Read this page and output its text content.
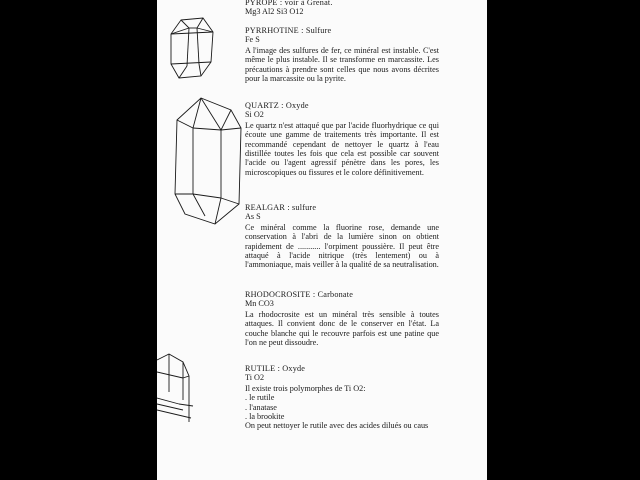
PYROPE : voir à Grenat.
Mg3 Al2 Si3 O12
PYRRHOTINE : Sulfure
Fe S
A l'image des sulfures de fer, ce minéral est instable. C'est même le plus instable. Il se transforme en marcassite. Les précautions à prendre sont celles que nous avons décrites pour la marcassite ou la pyrite.
QUARTZ : Oxyde
Si O2
Le quartz n'est attaqué que par l'acide fluorhydrique ce qui écoute une gamme de traitements très importante. Il est recommandé cependant de nettoyer le quartz à l'eau distillée toutes les fois que cela est possible car souvent l'acide ou l'agent agressif pénètre dans les pores, les microscopiques ou fissures et le colore définitivement.
REALGAR : sulfure
As S
Ce minéral comme la fluorine rose, demande une conservation à l'abri de la lumière sinon on obtient rapidement de ........... l'orpiment poussière. Il peut être attaqué à l'acide nitrique (très lentement) ou à l'ammoniaque, mais veiller à la qualité de sa neutralisation.
RHODOCROSITE : Carbonate
Mn CO3
La rhodocrosite est un minéral très sensible à toutes attaques. Il convient donc de le conserver en l'état. La couche blanche qui le recouvre parfois est une patine que l'on ne peut dissoudre.
RUTILE : Oxyde
Ti O2
Il existe trois polymorphes de Ti O2:
. le rutile
. l'anatase
. la brookite
On peut nettoyer le rutile avec des acides dilués ou caus
